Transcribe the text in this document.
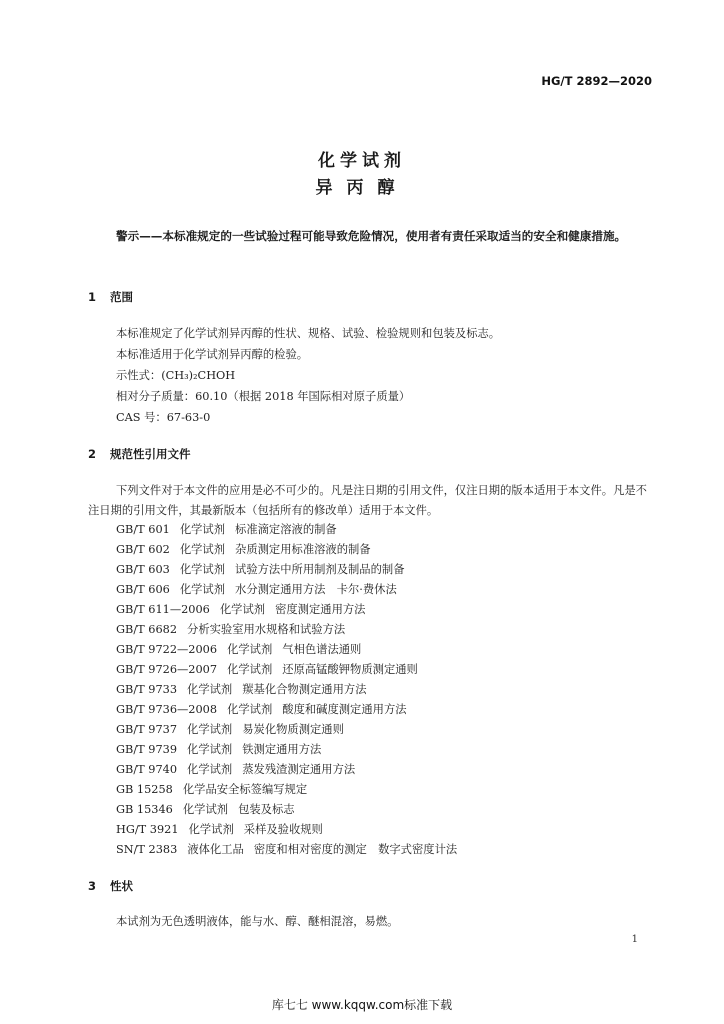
HG/T 2892—2020
化学试剂
异丙醇
警示——本标准规定的一些试验过程可能导致危险情况，使用者有责任采取适当的安全和健康措施。
1 范围
本标准规定了化学试剂异丙醇的性状、规格、试验、检验规则和包装及标志。
本标准适用于化学试剂异丙醇的检验。
示性式：(CH₃)₂CHOH
相对分子质量：60.10（根据 2018 年国际相对原子质量）
CAS 号：67-63-0
2 规范性引用文件
下列文件对于本文件的应用是必不可少的。凡是注日期的引用文件，仅注日期的版本适用于本文件。凡是不注日期的引用文件，其最新版本（包括所有的修改单）适用于本文件。
GB/T 601 化学试剂 标准滴定溶液的制备
GB/T 602 化学试剂 杂质测定用标准溶液的制备
GB/T 603 化学试剂 试验方法中所用制剂及制品的制备
GB/T 606 化学试剂 水分测定通用方法　卡尔·费休法
GB/T 611—2006 化学试剂 密度测定通用方法
GB/T 6682 分析实验室用水规格和试验方法
GB/T 9722—2006 化学试剂 气相色谱法通则
GB/T 9726—2007 化学试剂 还原高锰酸钾物质测定通则
GB/T 9733 化学试剂 羰基化合物测定通用方法
GB/T 9736—2008 化学试剂 酸度和碱度测定通用方法
GB/T 9737 化学试剂 易炭化物质测定通则
GB/T 9739 化学试剂 铁测定通用方法
GB/T 9740 化学试剂 蒸发残渣测定通用方法
GB 15258 化学品安全标签编写规定
GB 15346 化学试剂 包装及标志
HG/T 3921 化学试剂 采样及验收规则
SN/T 2383 液体化工品 密度和相对密度的测定　数字式密度计法
3 性状
本试剂为无色透明液体，能与水、醇、醚相混溶，易燃。
1
库七七 www.kqqw.com标准下载
